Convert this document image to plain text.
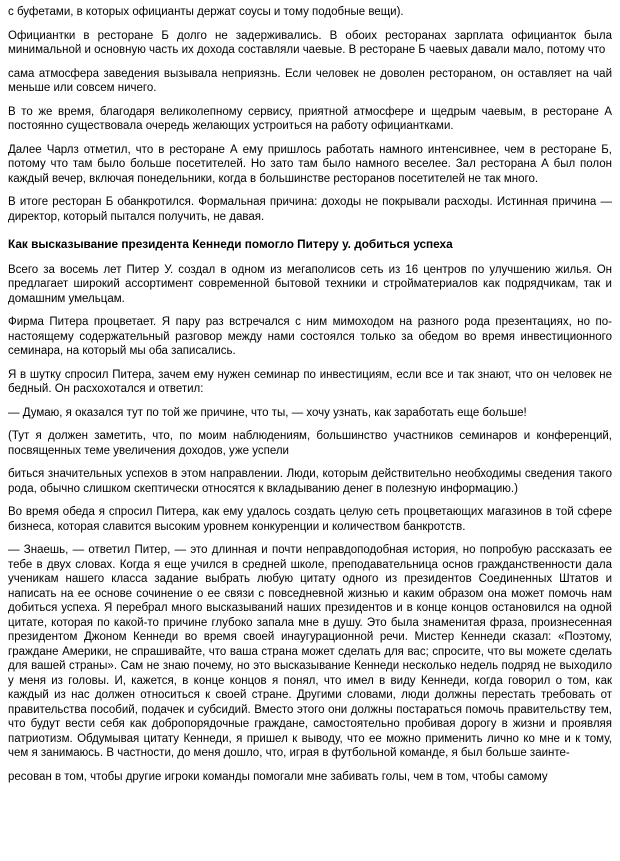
с буфетами, в которых официанты держат соусы и тому подобные вещи).

Официантки в ресторане Б долго не задерживались. В обоих ресторанах зарплата официанток была минимальной и основную часть их дохода составляли чаевые. В ресторане Б чаевых давали мало, потому что

сама атмосфера заведения вызывала неприязнь. Если человек не доволен рестораном, он оставляет на чай меньше или совсем ничего.

В то же время, благодаря великолепному сервису, приятной атмосфере и щедрым чаевым, в ресторане А постоянно существовала очередь желающих устроиться на работу официантками.

Далее Чарлз отметил, что в ресторане А ему пришлось работать намного интенсивнее, чем в ресторане Б, потому что там было больше посетителей. Но зато там было намного веселее. Зал ресторана А был полон каждый вечер, включая понедельники, когда в большинстве ресторанов посетителей не так много.

В итоге ресторан Б обанкротился. Формальная причина: доходы не покрывали расходы. Истинная причина — директор, который пытался получить, не давая.

Как высказывание президента Кеннеди помогло Питеру у. добиться успеха

Всего за восемь лет Питер У. создал в одном из мегаполисов сеть из 16 центров по улучшению жилья. Он предлагает широкий ассортимент современной бытовой техники и стройматериалов как подрядчикам, так и домашним умельцам.

Фирма Питера процветает. Я пару раз встречался с ним мимоходом на разного рода презентациях, но по-настоящему содержательный разговор между нами состоялся только за обедом во время инвестиционного семинара, на который мы оба записались.

Я в шутку спросил Питера, зачем ему нужен семинар по инвестициям, если все и так знают, что он человек не бедный. Он расхохотался и ответил:

— Думаю, я оказался тут по той же причине, что ты, — хочу узнать, как заработать еще больше!

(Тут я должен заметить, что, по моим наблюдениям, большинство участников семинаров и конференций, посвященных теме увеличения доходов, уже успели

биться значительных успехов в этом направлении. Люди, которым действительно необходимы сведения такого рода, обычно слишком скептически относятся к вкладыванию денег в полезную информацию.)

Во время обеда я спросил Питера, как ему удалось создать целую сеть процветающих магазинов в той сфере бизнеса, которая славится высоким уровнем конкуренции и количеством банкротств.

— Знаешь, — ответил Питер, — это длинная и почти неправдоподобная история, но попробую рассказать ее тебе в двух словах. Когда я еще учился в средней школе, преподавательница основ гражданственности дала ученикам нашего класса задание выбрать любую цитату одного из президентов Соединенных Штатов и написать на ее основе сочинение о ее связи с повседневной жизнью и каким образом она может помочь нам добиться успеха. Я перебрал много высказываний наших президентов и в конце концов остановился на одной цитате, которая по какой-то причине глубоко запала мне в душу. Это была знаменитая фраза, произнесенная президентом Джоном Кеннеди во время своей инаугурационной речи. Мистер Кеннеди сказал: «Поэтому, граждане Америки, не спрашивайте, что ваша страна может сделать для вас; спросите, что вы можете сделать для вашей страны». Сам не знаю почему, но это высказывание Кеннеди несколько недель подряд не выходило у меня из головы. И, кажется, в конце концов я понял, что имел в виду Кеннеди, когда говорил о том, как каждый из нас должен относиться к своей стране. Другими словами, люди должны перестать требовать от правительства пособий, подачек и субсидий. Вместо этого они должны постараться помочь правительству тем, что будут вести себя как добропорядочные граждане, самостоятельно пробивая дорогу в жизни и проявляя патриотизм. Обдумывая цитату Кеннеди, я пришел к выводу, что ее можно применить лично ко мне и к тому, чем я занимаюсь. В частности, до меня дошло, что, играя в футбольной команде, я был больше заинте-

ресован в том, чтобы другие игроки команды помогали мне забивать голы, чем в том, чтобы самому
